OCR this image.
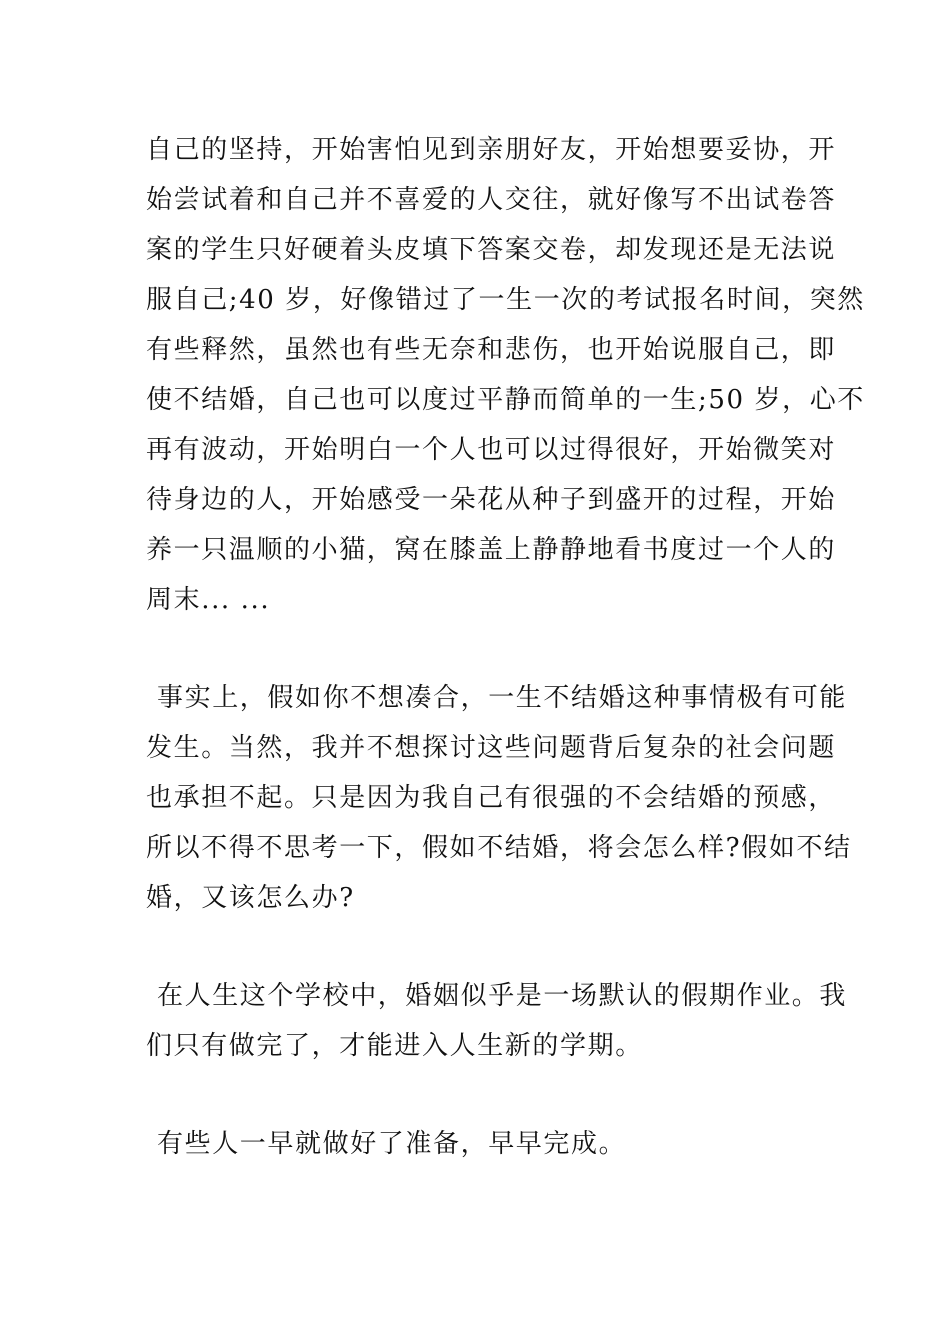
自己的坚持，开始害怕见到亲朋好友，开始想要妥协，开
始尝试着和自己并不喜爱的人交往，就好像写不出试卷答
案的学生只好硬着头皮填下答案交卷，却发现还是无法说
服自己;40 岁，好像错过了一生一次的考试报名时间，突然
有些释然，虽然也有些无奈和悲伤，也开始说服自己，即
使不结婚，自己也可以度过平静而简单的一生;50 岁，心不
再有波动，开始明白一个人也可以过得很好，开始微笑对
待身边的人，开始感受一朵花从种子到盛开的过程，开始
养一只温顺的小猫，窝在膝盖上静静地看书度过一个人的
周末... ...
事实上，假如你不想凑合，一生不结婚这种事情极有可能
发生。当然，我并不想探讨这些问题背后复杂的社会问题
也承担不起。只是因为我自己有很强的不会结婚的预感，
所以不得不思考一下，假如不结婚，将会怎么样?假如不结
婚，又该怎么办?
在人生这个学校中，婚姻似乎是一场默认的假期作业。我
们只有做完了，才能进入人生新的学期。
有些人一早就做好了准备，早早完成。
